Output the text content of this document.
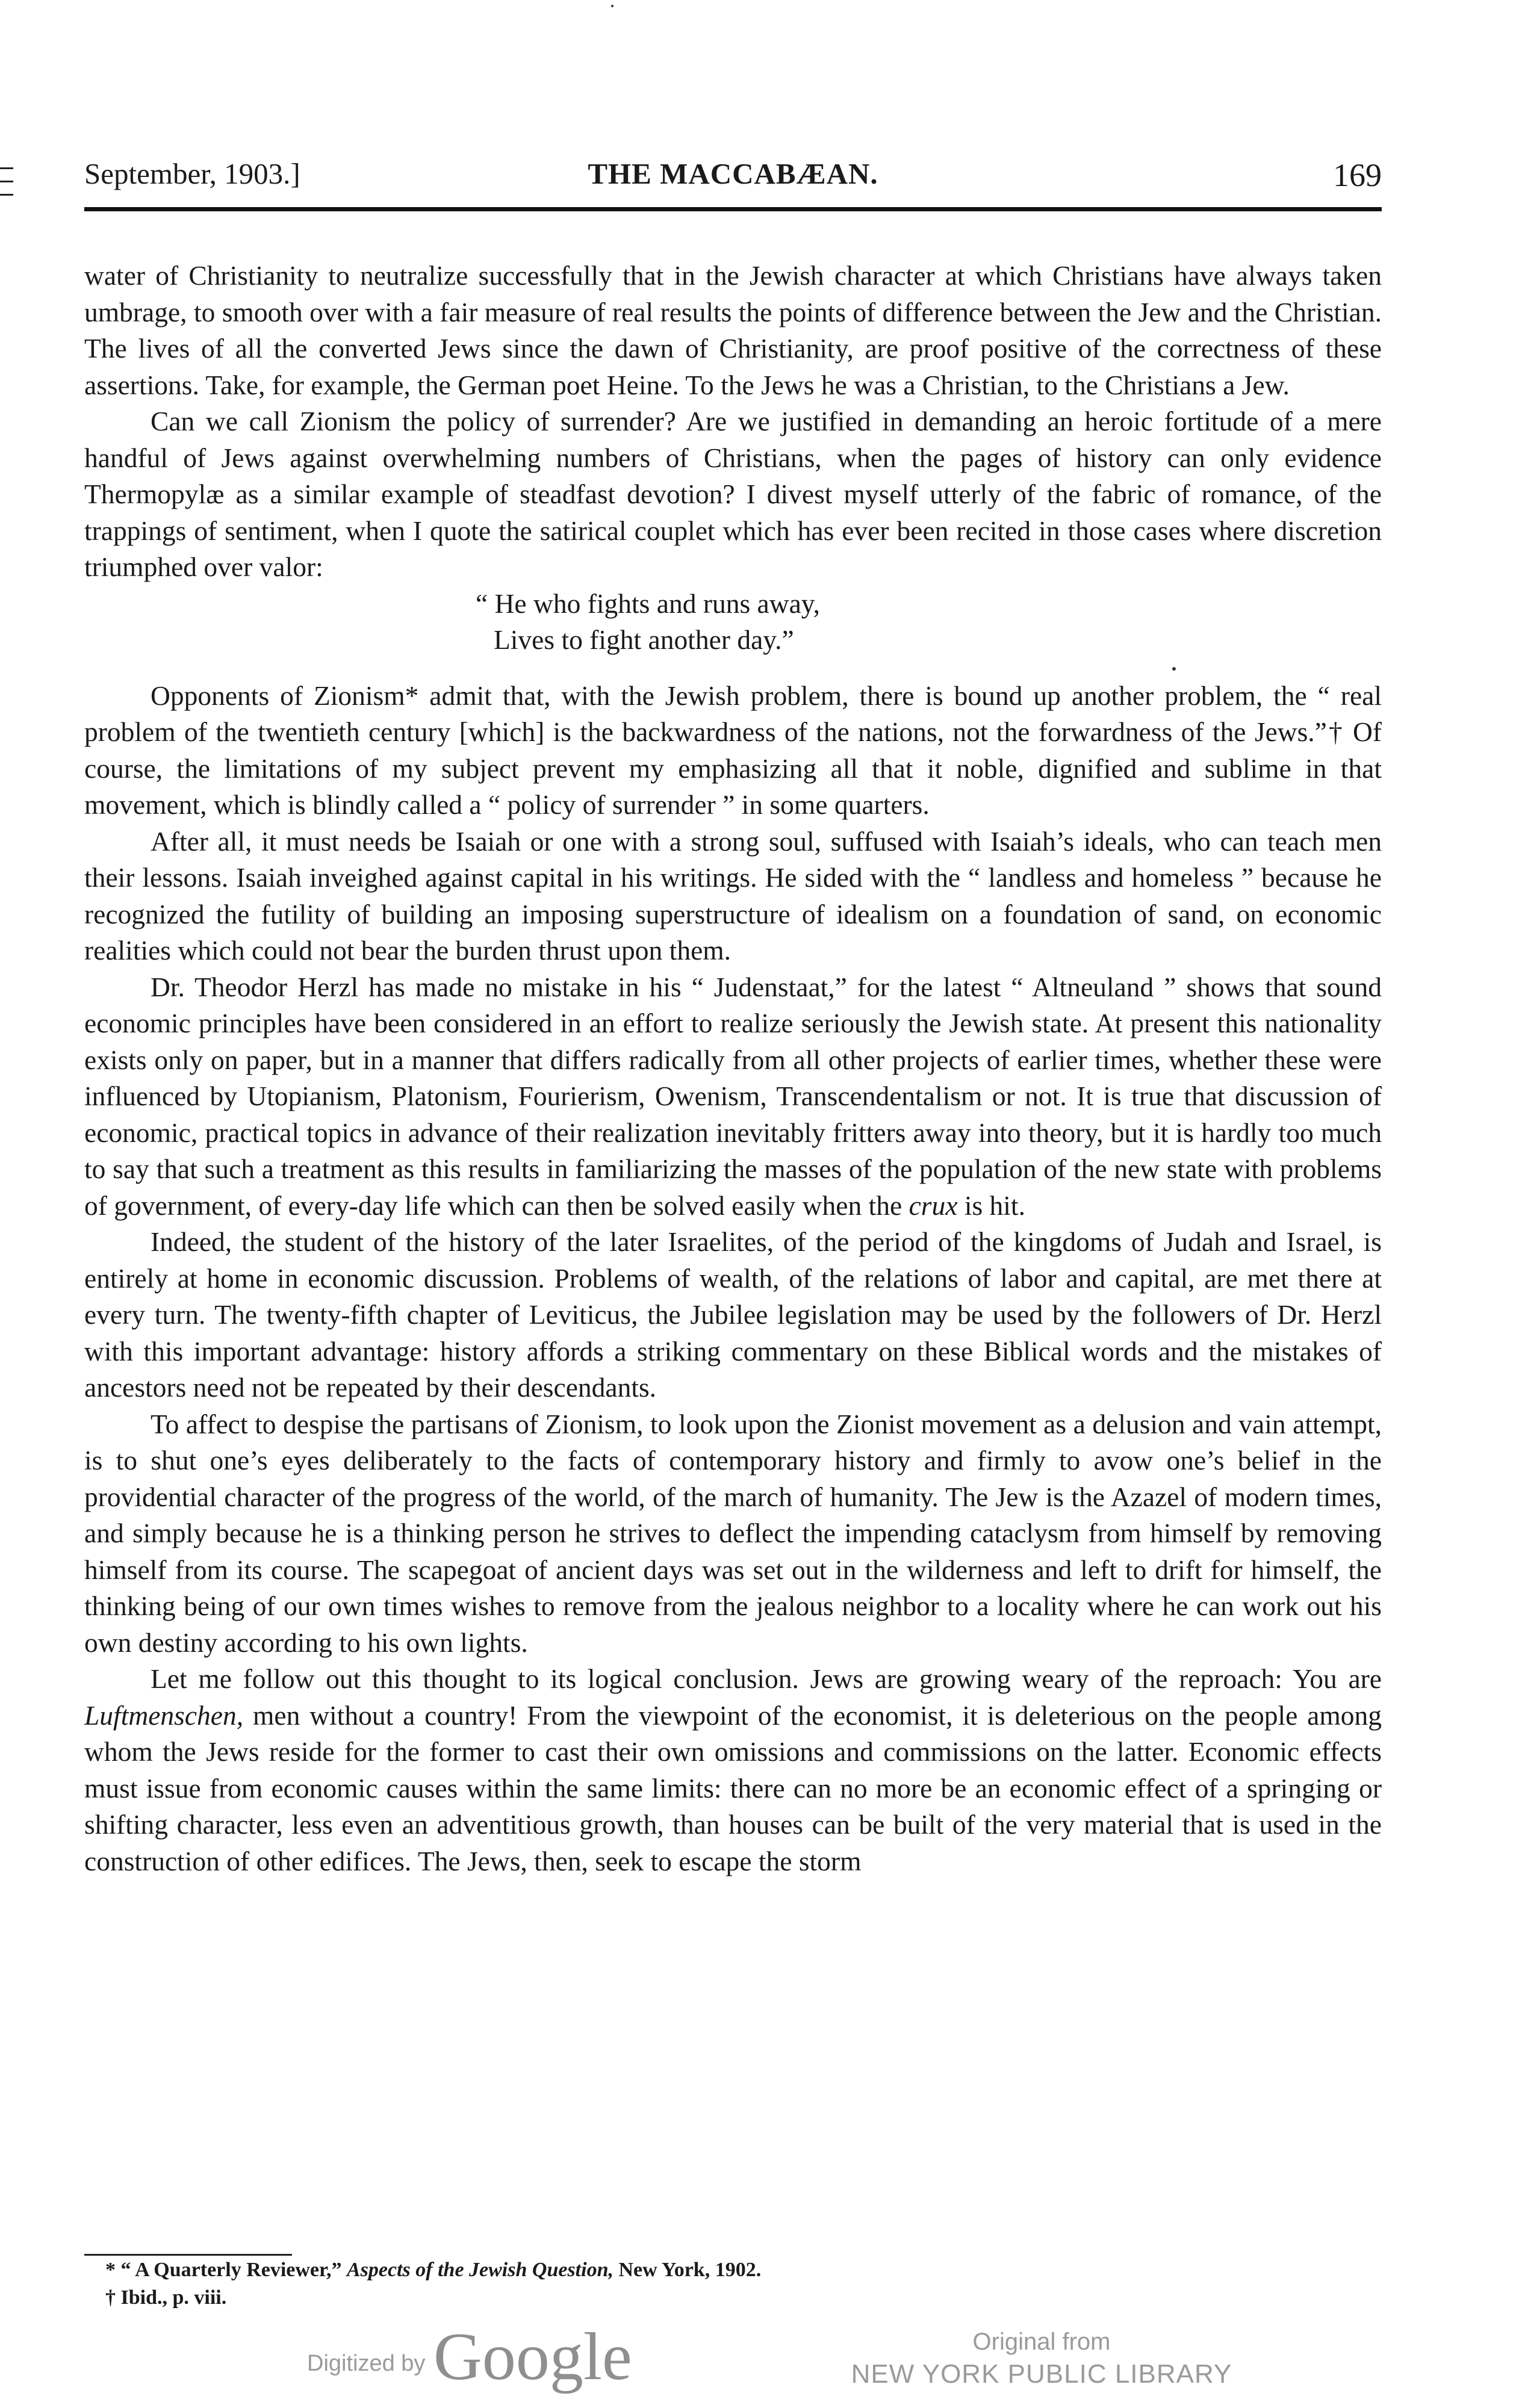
September, 1903.]	THE MACCABÆAN.	169

water of Christianity to neutralize successfully that in the Jewish character at which Christians have always taken umbrage, to smooth over with a fair measure of real results the points of difference between the Jew and the Christian. The lives of all the converted Jews since the dawn of Christianity, are proof positive of the correctness of these assertions. Take, for example, the German poet Heine. To the Jews he was a Christian, to the Christians a Jew.

Can we call Zionism the policy of surrender? Are we justified in demanding an heroic fortitude of a mere handful of Jews against overwhelming numbers of Christians, when the pages of history can only evidence Thermopylæ as a similar example of steadfast devotion? I divest myself utterly of the fabric of romance, of the trappings of sentiment, when I quote the satirical couplet which has ever been recited in those cases where discretion triumphed over valor:

“ He who fights and runs away,
Lives to fight another day.”

Opponents of Zionism* admit that, with the Jewish problem, there is bound up another problem, the “ real problem of the twentieth century [which] is the backwardness of the nations, not the forwardness of the Jews.”† Of course, the limitations of my subject prevent my emphasizing all that it noble, dignified and sublime in that movement, which is blindly called a “ policy of surrender ” in some quarters.

After all, it must needs be Isaiah or one with a strong soul, suffused with Isaiah’s ideals, who can teach men their lessons. Isaiah inveighed against capital in his writings. He sided with the “ landless and homeless ” because he recognized the futility of building an imposing superstructure of idealism on a foundation of sand, on economic realities which could not bear the burden thrust upon them.

Dr. Theodor Herzl has made no mistake in his “ Judenstaat,” for the latest “ Altneuland ” shows that sound economic principles have been considered in an effort to realize seriously the Jewish state. At present this nationality exists only on paper, but in a manner that differs radically from all other projects of earlier times, whether these were influenced by Utopianism, Platonism, Fourierism, Owenism, Transcendentalism or not. It is true that discussion of economic, practical topics in advance of their realization inevitably fritters away into theory, but it is hardly too much to say that such a treatment as this results in familiarizing the masses of the population of the new state with problems of government, of every-day life which can then be solved easily when the crux is hit.

Indeed, the student of the history of the later Israelites, of the period of the kingdoms of Judah and Israel, is entirely at home in economic discussion. Problems of wealth, of the relations of labor and capital, are met there at every turn. The twenty-fifth chapter of Leviticus, the Jubilee legislation may be used by the followers of Dr. Herzl with this important advantage: history affords a striking commentary on these Biblical words and the mistakes of ancestors need not be repeated by their descendants.

To affect to despise the partisans of Zionism, to look upon the Zionist movement as a delusion and vain attempt, is to shut one’s eyes deliberately to the facts of contemporary history and firmly to avow one’s belief in the providential character of the progress of the world, of the march of humanity. The Jew is the Azazel of modern times, and simply because he is a thinking person he strives to deflect the impending cataclysm from himself by removing himself from its course. The scapegoat of ancient days was set out in the wilderness and left to drift for himself, the thinking being of our own times wishes to remove from the jealous neighbor to a locality where he can work out his own destiny according to his own lights.

Let me follow out this thought to its logical conclusion. Jews are growing weary of the reproach: You are Luftmenschen, men without a country! From the viewpoint of the economist, it is deleterious on the people among whom the Jews reside for the former to cast their own omissions and commissions on the latter. Economic effects must issue from economic causes within the same limits: there can no more be an economic effect of a springing or shifting character, less even an adventitious growth, than houses can be built of the very material that is used in the construction of other edifices. The Jews, then, seek to escape the storm

* “ A Quarterly Reviewer,” Aspects of the Jewish Question, New York, 1902.
† Ibid., p. viii.
Digitized by Google	Original from
NEW YORK PUBLIC LIBRARY
